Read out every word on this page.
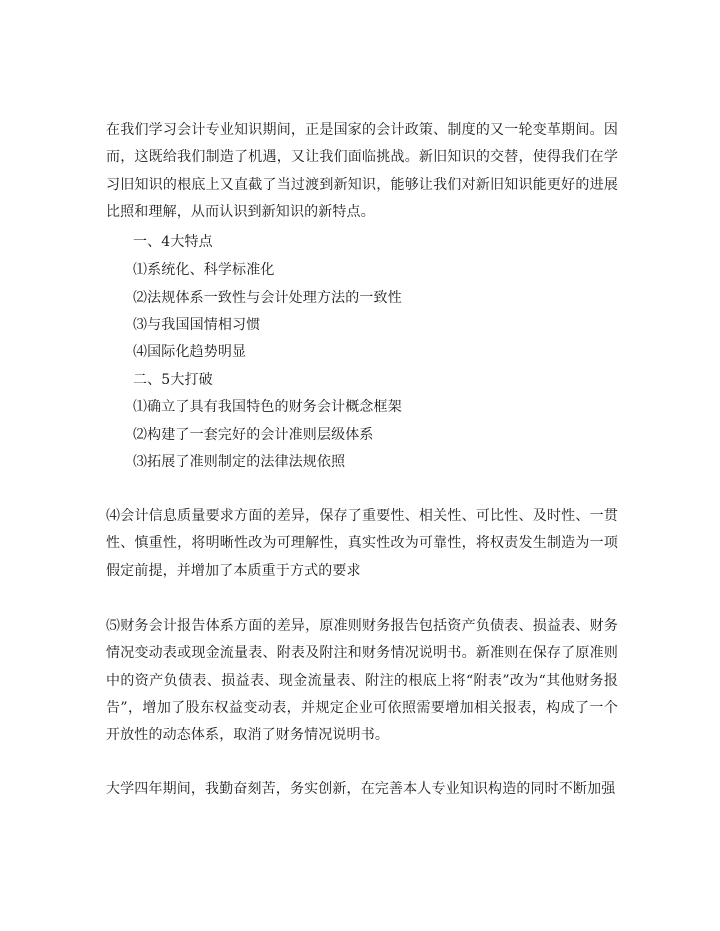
在我们学习会计专业知识期间，正是国家的会计政策、制度的又一轮变革期间。因而，这既给我们制造了机遇，又让我们面临挑战。新旧知识的交替，使得我们在学习旧知识的根底上又直截了当过渡到新知识，能够让我们对新旧知识能更好的进展比照和理解，从而认识到新知识的新特点。

一、4大特点

⑴系统化、科学标准化

⑵法规体系一致性与会计处理方法的一致性

⑶与我国国情相习惯

⑷国际化趋势明显

二、5大打破

⑴确立了具有我国特色的财务会计概念框架

⑵构建了一套完好的会计准则层级体系

⑶拓展了准则制定的法律法规依照

⑷会计信息质量要求方面的差异，保存了重要性、相关性、可比性、及时性、一贯性、慎重性，将明晰性改为可理解性，真实性改为可靠性，将权责发生制造为一项假定前提，并增加了本质重于方式的要求

⑸财务会计报告体系方面的差异，原准则财务报告包括资产负债表、损益表、财务情况变动表或现金流量表、附表及附注和财务情况说明书。新准则在保存了原准则中的资产负债表、损益表、现金流量表、附注的根底上将“附表”改为“其他财务报告”，增加了股东权益变动表，并规定企业可依照需要增加相关报表，构成了一个开放性的动态体系，取消了财务情况说明书。

大学四年期间，我勤奋刻苦，务实创新，在完善本人专业知识构造的同时不断加强
